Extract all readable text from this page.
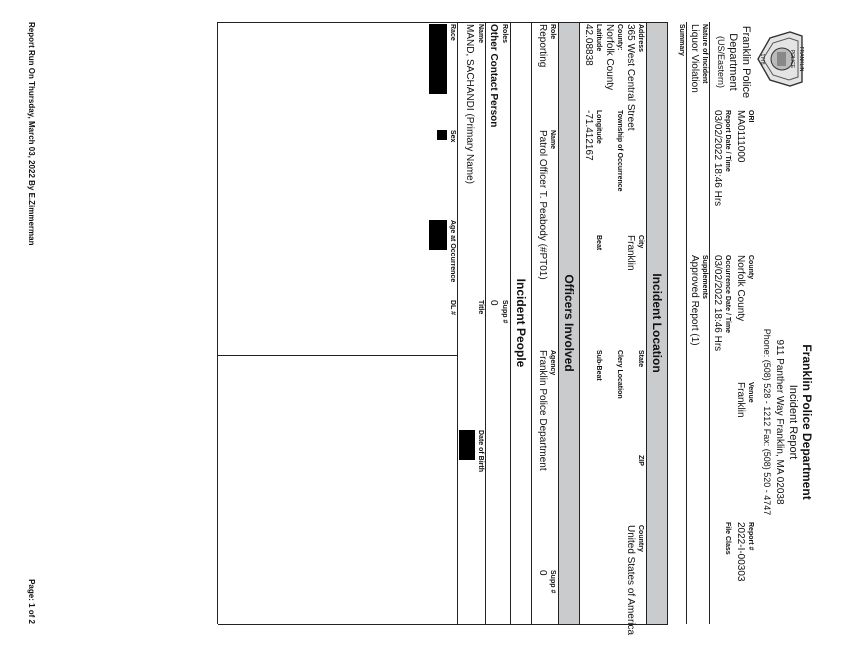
FRANKLIN
POLICE
1778
Franklin Police
Department
(US/Eastern)
Franklin Police Department
Incident Report
911 Panther Way Franklin, MA 02038
Phone: (508) 528 - 1212 Fax: (508) 520 - 4747
ORI
MA0111000
County
Norfolk County
Venue
Franklin
Report #
2022-I-00303
Report Date / Time
03/02/2022 18:46 Hrs
Occurrence Date / Time
03/02/2022 18:46 Hrs
File Class
Nature of Incident
Liquor Violation
Supplements
Approved Report (1)
Summary
Incident Location
Address
365 West Central Street
City
Franklin
State
ZIP
Country
United States of America
County:
Norfolk County
Township of Occurrence
Clery Location
Latitude
42.08838
Longitude
-71.412167
Beat
Sub-Beat
Officers Involved
Role
Reporting
Name
Patrol Officer T. Peabody (#PT01)
Agency
Franklin Police Department
Supp #
0
Incident People
Roles
Other Contact Person
Supp #
0
Name
MAND, SACHANDI (Primary Name)
Title
Date of Birth
Race
Sex
Age at Occurrence
DL #
Report Run On Thursday, March 03, 2022 By E.Zimmerman
Page: 1 of 2
